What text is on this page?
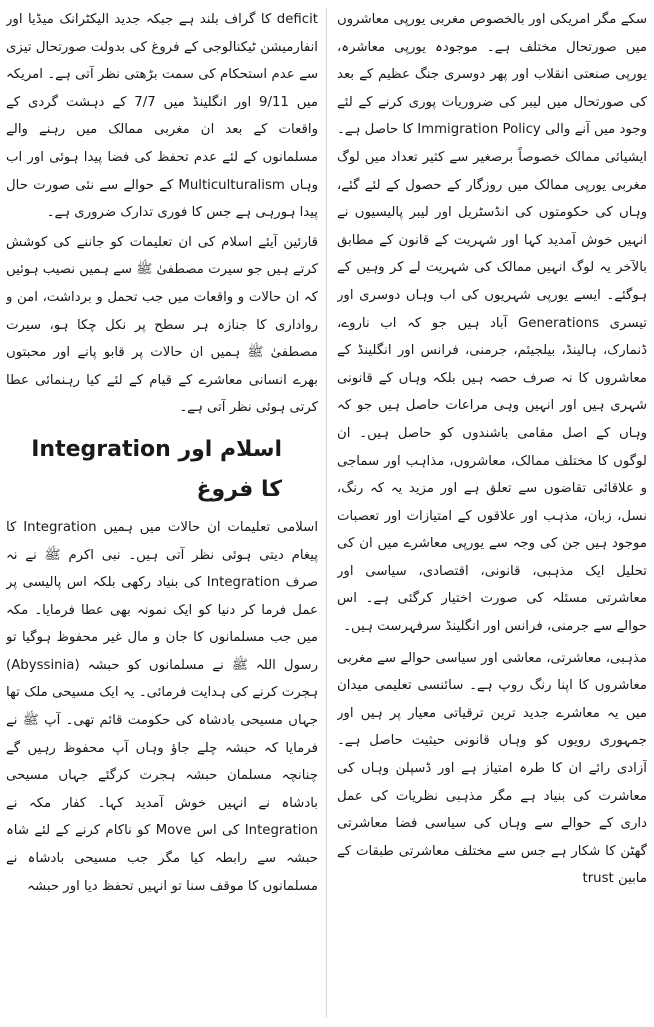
سکے مگر امریکی اور بالخصوص مغربی یورپی معاشروں میں صورتحال مختلف ہے۔ موجودہ یورپی معاشرہ، یورپی صنعتی انقلاب اور پھر دوسری جنگ عظیم کے بعد کی صورتحال میں لیبر کی ضروریات پوری کرنے کے لئے وجود میں آنے والی Immigration Policy کا حاصل ہے۔ ایشیائی ممالک خصوصاً برصغیر سے کثیر تعداد میں لوگ مغربی یورپی ممالک میں روزگار کے حصول کے لئے گئے، وہاں کی حکومتوں کی انڈسٹریل اور لیبر پالیسیوں نے انہیں خوش آمدید کہا اور شہریت کے قانون کے مطابق بالآخر یہ لوگ انہیں ممالک کی شہریت لے کر وہیں کے ہوگئے۔ ایسے یورپی شہریوں کی اب وہاں دوسری اور تیسری Generations آباد ہیں جو کہ اب ناروے، ڈنمارک، ہالینڈ، بیلجیئم، جرمنی، فرانس اور انگلینڈ کے معاشروں کا نہ صرف حصہ ہیں بلکہ وہاں کے قانونی شہری ہیں اور انہیں وہی مراعات حاصل ہیں جو کہ وہاں کے اصل مقامی باشندوں کو حاصل ہیں۔ ان لوگوں کا مختلف ممالک، معاشروں، مذاہب اور سماجی و علاقائی تقاضوں سے تعلق ہے اور مزید یہ کہ رنگ، نسل، زبان، مذہب اور علاقوں کے امتیازات اور تعصبات موجود ہیں جن کی وجہ سے یورپی معاشرے میں ان کی تحلیل ایک مذہبی، قانونی، اقتصادی، سیاسی اور معاشرتی مسئلہ کی صورت اختیار کرگئی ہے۔ اس حوالے سے جرمنی، فرانس اور انگلینڈ سرفہرست ہیں۔

مذہبی، معاشرتی، معاشی اور سیاسی حوالے سے مغربی معاشروں کا اپنا رنگ روپ ہے۔ سائنسی تعلیمی میدان میں یہ معاشرے جدید ترین ترقیاتی معیار پر ہیں اور جمہوری رویوں کو وہاں قانونی حیثیت حاصل ہے۔ آزادی رائے ان کا طرہ امتیاز ہے اور ڈسپلن وہاں کی معاشرت کی بنیاد ہے مگر مذہبی نظریات کی عمل داری کے حوالے سے وہاں کی سیاسی فضا معاشرتی گھٹن کا شکار ہے جس سے مختلف معاشرتی طبقات کے مابین trust

deficit کا گراف بلند ہے جبکہ جدید الیکٹرانک میڈیا اور انفارمیشن ٹیکنالوجی کے فروغ کی بدولت صورتحال تیزی سے عدم استحکام کی سمت بڑھتی نظر آتی ہے۔ امریکہ میں 9/11 اور انگلینڈ میں 7/7 کے دہشت گردی کے واقعات کے بعد ان مغربی ممالک میں رہنے والے مسلمانوں کے لئے عدم تحفظ کی فضا پیدا ہوئی اور اب وہاں Multiculturalism کے حوالے سے نئی صورت حال پیدا ہورہی ہے جس کا فوری تدارک ضروری ہے۔

قارئین آیئے اسلام کی ان تعلیمات کو جاننے کی کوشش کرتے ہیں جو سیرت مصطفیٰ ﷺ سے ہمیں نصیب ہوئیں کہ ان حالات و واقعات میں جب تحمل و برداشت، امن و رواداری کا جنازہ ہر سطح پر نکل چکا ہو، سیرت مصطفیٰ ﷺ ہمیں ان حالات پر قابو پانے اور محبتوں بھرے انسانی معاشرے کے قیام کے لئے کیا رہنمائی عطا کرتی ہوئی نظر آتی ہے۔

اسلام اور Integration کا فروغ

اسلامی تعلیمات ان حالات میں ہمیں Integration کا پیغام دیتی ہوئی نظر آتی ہیں۔ نبی اکرم ﷺ نے نہ صرف Integration کی بنیاد رکھی بلکہ اس پالیسی پر عمل فرما کر دنیا کو ایک نمونہ بھی عطا فرمایا۔ مکہ میں جب مسلمانوں کا جان و مال غیر محفوظ ہوگیا تو رسول اللہ ﷺ نے مسلمانوں کو حبشہ (Abyssinia) ہجرت کرنے کی ہدایت فرمائی۔ یہ ایک مسیحی ملک تھا جہاں مسیحی بادشاہ کی حکومت قائم تھی۔ آپ ﷺ نے فرمایا کہ حبشہ چلے جاؤ وہاں آپ محفوظ رہیں گے چنانچہ مسلمان حبشہ ہجرت کرگئے جہاں مسیحی بادشاہ نے انہیں خوش آمدید کہا۔ کفار مکہ نے Integration کی اس Move کو ناکام کرنے کے لئے شاہ حبشہ سے رابطہ کیا مگر جب مسیحی بادشاہ نے مسلمانوں کا موقف سنا تو انہیں تحفظ دیا اور حبشہ
